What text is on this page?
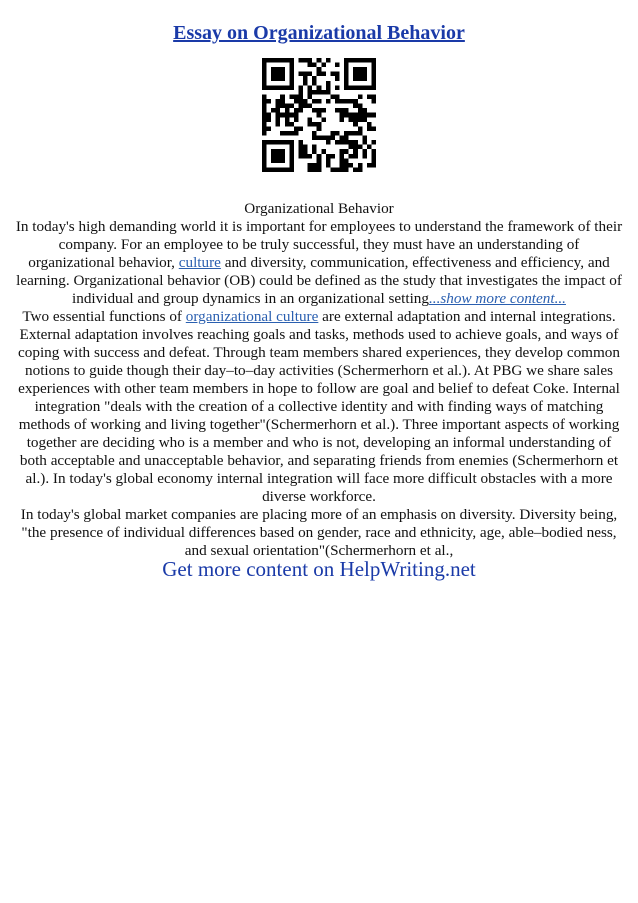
Essay on Organizational Behavior

Organizational Behavior

In today's high demanding world it is important for employees to understand the framework of their company. For an employee to be truly successful, they must have an understanding of organizational behavior, culture and diversity, communication, effectiveness and efficiency, and learning. Organizational behavior (OB) could be defined as the study that investigates the impact of individual and group dynamics in an organizational setting...show more content...

Two essential functions of organizational culture are external adaptation and internal integrations. External adaptation involves reaching goals and tasks, methods used to achieve goals, and ways of coping with success and defeat. Through team members shared experiences, they develop common notions to guide though their day–to–day activities (Schermerhorn et al.). At PBG we share sales experiences with other team members in hope to follow are goal and belief to defeat Coke. Internal integration "deals with the creation of a collective identity and with finding ways of matching methods of working and living together"(Schermerhorn et al.). Three important aspects of working together are deciding who is a member and who is not, developing an informal understanding of both acceptable and unacceptable behavior, and separating friends from enemies (Schermerhorn et al.). In today's global economy internal integration will face more difficult obstacles with a more diverse workforce.

In today's global market companies are placing more of an emphasis on diversity. Diversity being, "the presence of individual differences based on gender, race and ethnicity, age, able–bodied ness, and sexual orientation"(Schermerhorn et al.,

Get more content on HelpWriting.net
